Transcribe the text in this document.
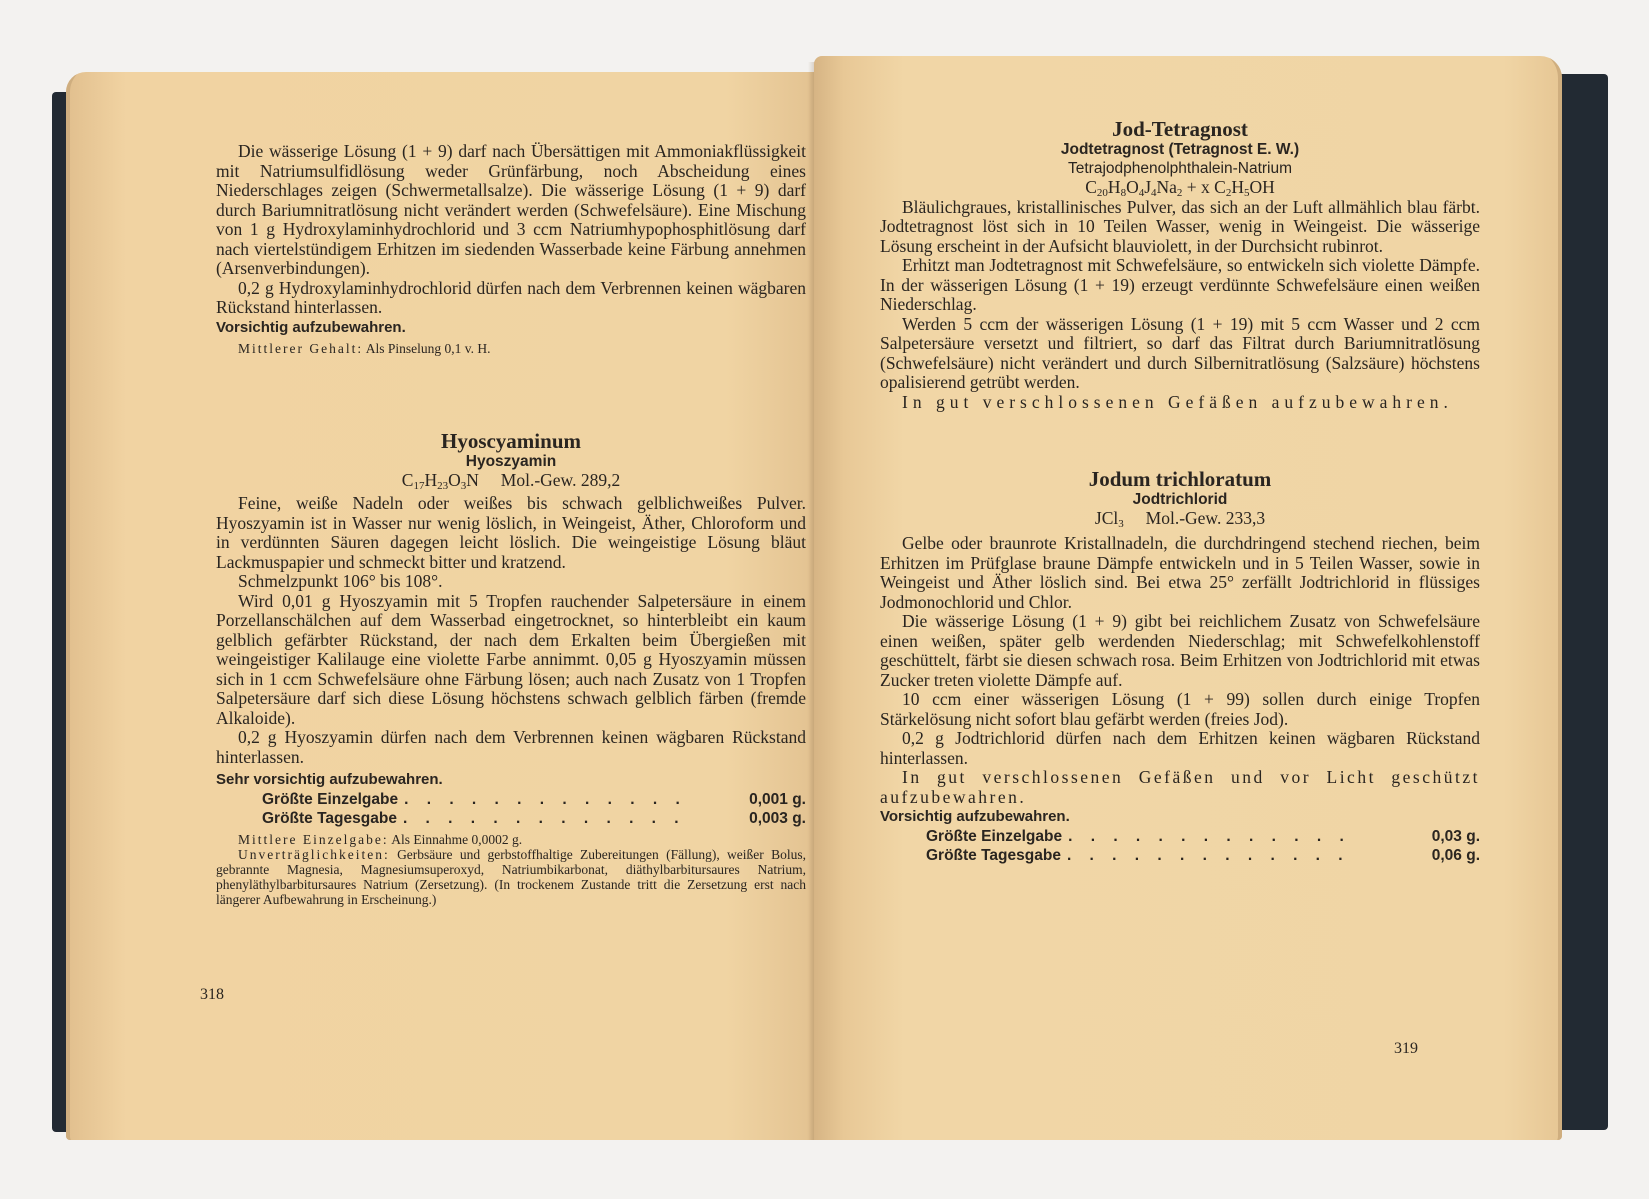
Die wässerige Lösung (1 + 9) darf nach Übersättigen mit Ammoniakflüssigkeit mit Natriumsulfidlösung weder Grünfärbung, noch Abscheidung eines Niederschlages zeigen (Schwermetallsalze). Die wässerige Lösung (1 + 9) darf durch Bariumnitratlösung nicht verändert werden (Schwefelsäure). Eine Mischung von 1 g Hydroxylaminhydrochlorid und 3 ccm Natriumhypophosphitlösung darf nach viertelstündigem Erhitzen im siedenden Wasserbade keine Färbung annehmen (Arsenverbindungen).

0,2 g Hydroxylaminhydrochlorid dürfen nach dem Verbrennen keinen wägbaren Rückstand hinterlassen.

Vorsichtig aufzubewahren.

Mittlerer Gehalt: Als Pinselung 0,1 v. H.

Hyoscyaminum

Hyoszyamin

$C_{17}H_{23}O_3N$ Mol.-Gew. 289,2

Feine, weiße Nadeln oder weißes bis schwach gelblichweißes Pulver. Hyoszyamin ist in Wasser nur wenig löslich, in Weingeist, Äther, Chloroform und in verdünnten Säuren dagegen leicht löslich. Die weingeistige Lösung bläut Lackmuspapier und schmeckt bitter und kratzend.

Schmelzpunkt 106° bis 108°.

Wird 0,01 g Hyoszyamin mit 5 Tropfen rauchender Salpetersäure in einem Porzellanschälchen auf dem Wasserbad eingetrocknet, so hinterbleibt ein kaum gelblich gefärbter Rückstand, der nach dem Erkalten beim Übergießen mit weingeistiger Kalilauge eine violette Farbe annimmt. 0,05 g Hyoszyamin müssen sich in 1 ccm Schwefelsäure ohne Färbung lösen; auch nach Zusatz von 1 Tropfen Salpetersäure darf sich diese Lösung höchstens schwach gelblich färben (fremde Alkaloide).

0,2 g Hyoszyamin dürfen nach dem Verbrennen keinen wägbaren Rückstand hinterlassen.

Sehr vorsichtig aufzubewahren.

Größte Einzelgabe . . . . . . . . . . . . .	0,001 g.
Größte Tagesgabe . . . . . . . . . . . . .	0,003 g.

Mittlere Einzelgabe: Als Einnahme 0,0002 g.

Unverträglichkeiten: Gerbsäure und gerbstoffhaltige Zubereitungen (Fällung), weißer Bolus, gebrannte Magnesia, Magnesiumsuperoxyd, Natriumbikarbonat, diäthylbarbitursaures Natrium, phenyläthylbarbitursaures Natrium (Zersetzung). (In trockenem Zustande tritt die Zersetzung erst nach längerer Aufbewahrung in Erscheinung.)

318

Jod-Tetragnost

Jodtetragnost (Tetragnost E. W.)

Tetrajodphenolphthalein-Natrium

$C_{20}H_8O_4J_4Na_2 + x$ $C_2H_5OH$

Bläulichgraues, kristallinisches Pulver, das sich an der Luft allmählich blau färbt. Jodtetragnost löst sich in 10 Teilen Wasser, wenig in Weingeist. Die wässerige Lösung erscheint in der Aufsicht blauviolett, in der Durchsicht rubinrot.

Erhitzt man Jodtetragnost mit Schwefelsäure, so entwickeln sich violette Dämpfe. In der wässerigen Lösung (1 + 19) erzeugt verdünnte Schwefelsäure einen weißen Niederschlag.

Werden 5 ccm der wässerigen Lösung (1 + 19) mit 5 ccm Wasser und 2 ccm Salpetersäure versetzt und filtriert, so darf das Filtrat durch Bariumnitratlösung (Schwefelsäure) nicht verändert und durch Silbernitratlösung (Salzsäure) höchstens opalisierend getrübt werden.

In gut verschlossenen Gefäßen aufzubewahren.

Jodum trichloratum

Jodtrichlorid

JCl$_3$ Mol.-Gew. 233,3

Gelbe oder braunrote Kristallnadeln, die durchdringend stechend riechen, beim Erhitzen im Prüfglase braune Dämpfe entwickeln und in 5 Teilen Wasser, sowie in Weingeist und Äther löslich sind. Bei etwa 25° zerfällt Jodtrichlorid in flüssiges Jodmonochlorid und Chlor.

Die wässerige Lösung (1 + 9) gibt bei reichlichem Zusatz von Schwefelsäure einen weißen, später gelb werdenden Niederschlag; mit Schwefelkohlenstoff geschüttelt, färbt sie diesen schwach rosa. Beim Erhitzen von Jodtrichlorid mit etwas Zucker treten violette Dämpfe auf.

10 ccm einer wässerigen Lösung (1 + 99) sollen durch einige Tropfen Stärkelösung nicht sofort blau gefärbt werden (freies Jod).

0,2 g Jodtrichlorid dürfen nach dem Erhitzen keinen wägbaren Rückstand hinterlassen.

In gut verschlossenen Gefäßen und vor Licht geschützt aufzubewahren.

Vorsichtig aufzubewahren.

Größte Einzelgabe . . . . . . . . . . . . .	0,03 g.
Größte Tagesgabe . . . . . . . . . . . . .	0,06 g.
319
